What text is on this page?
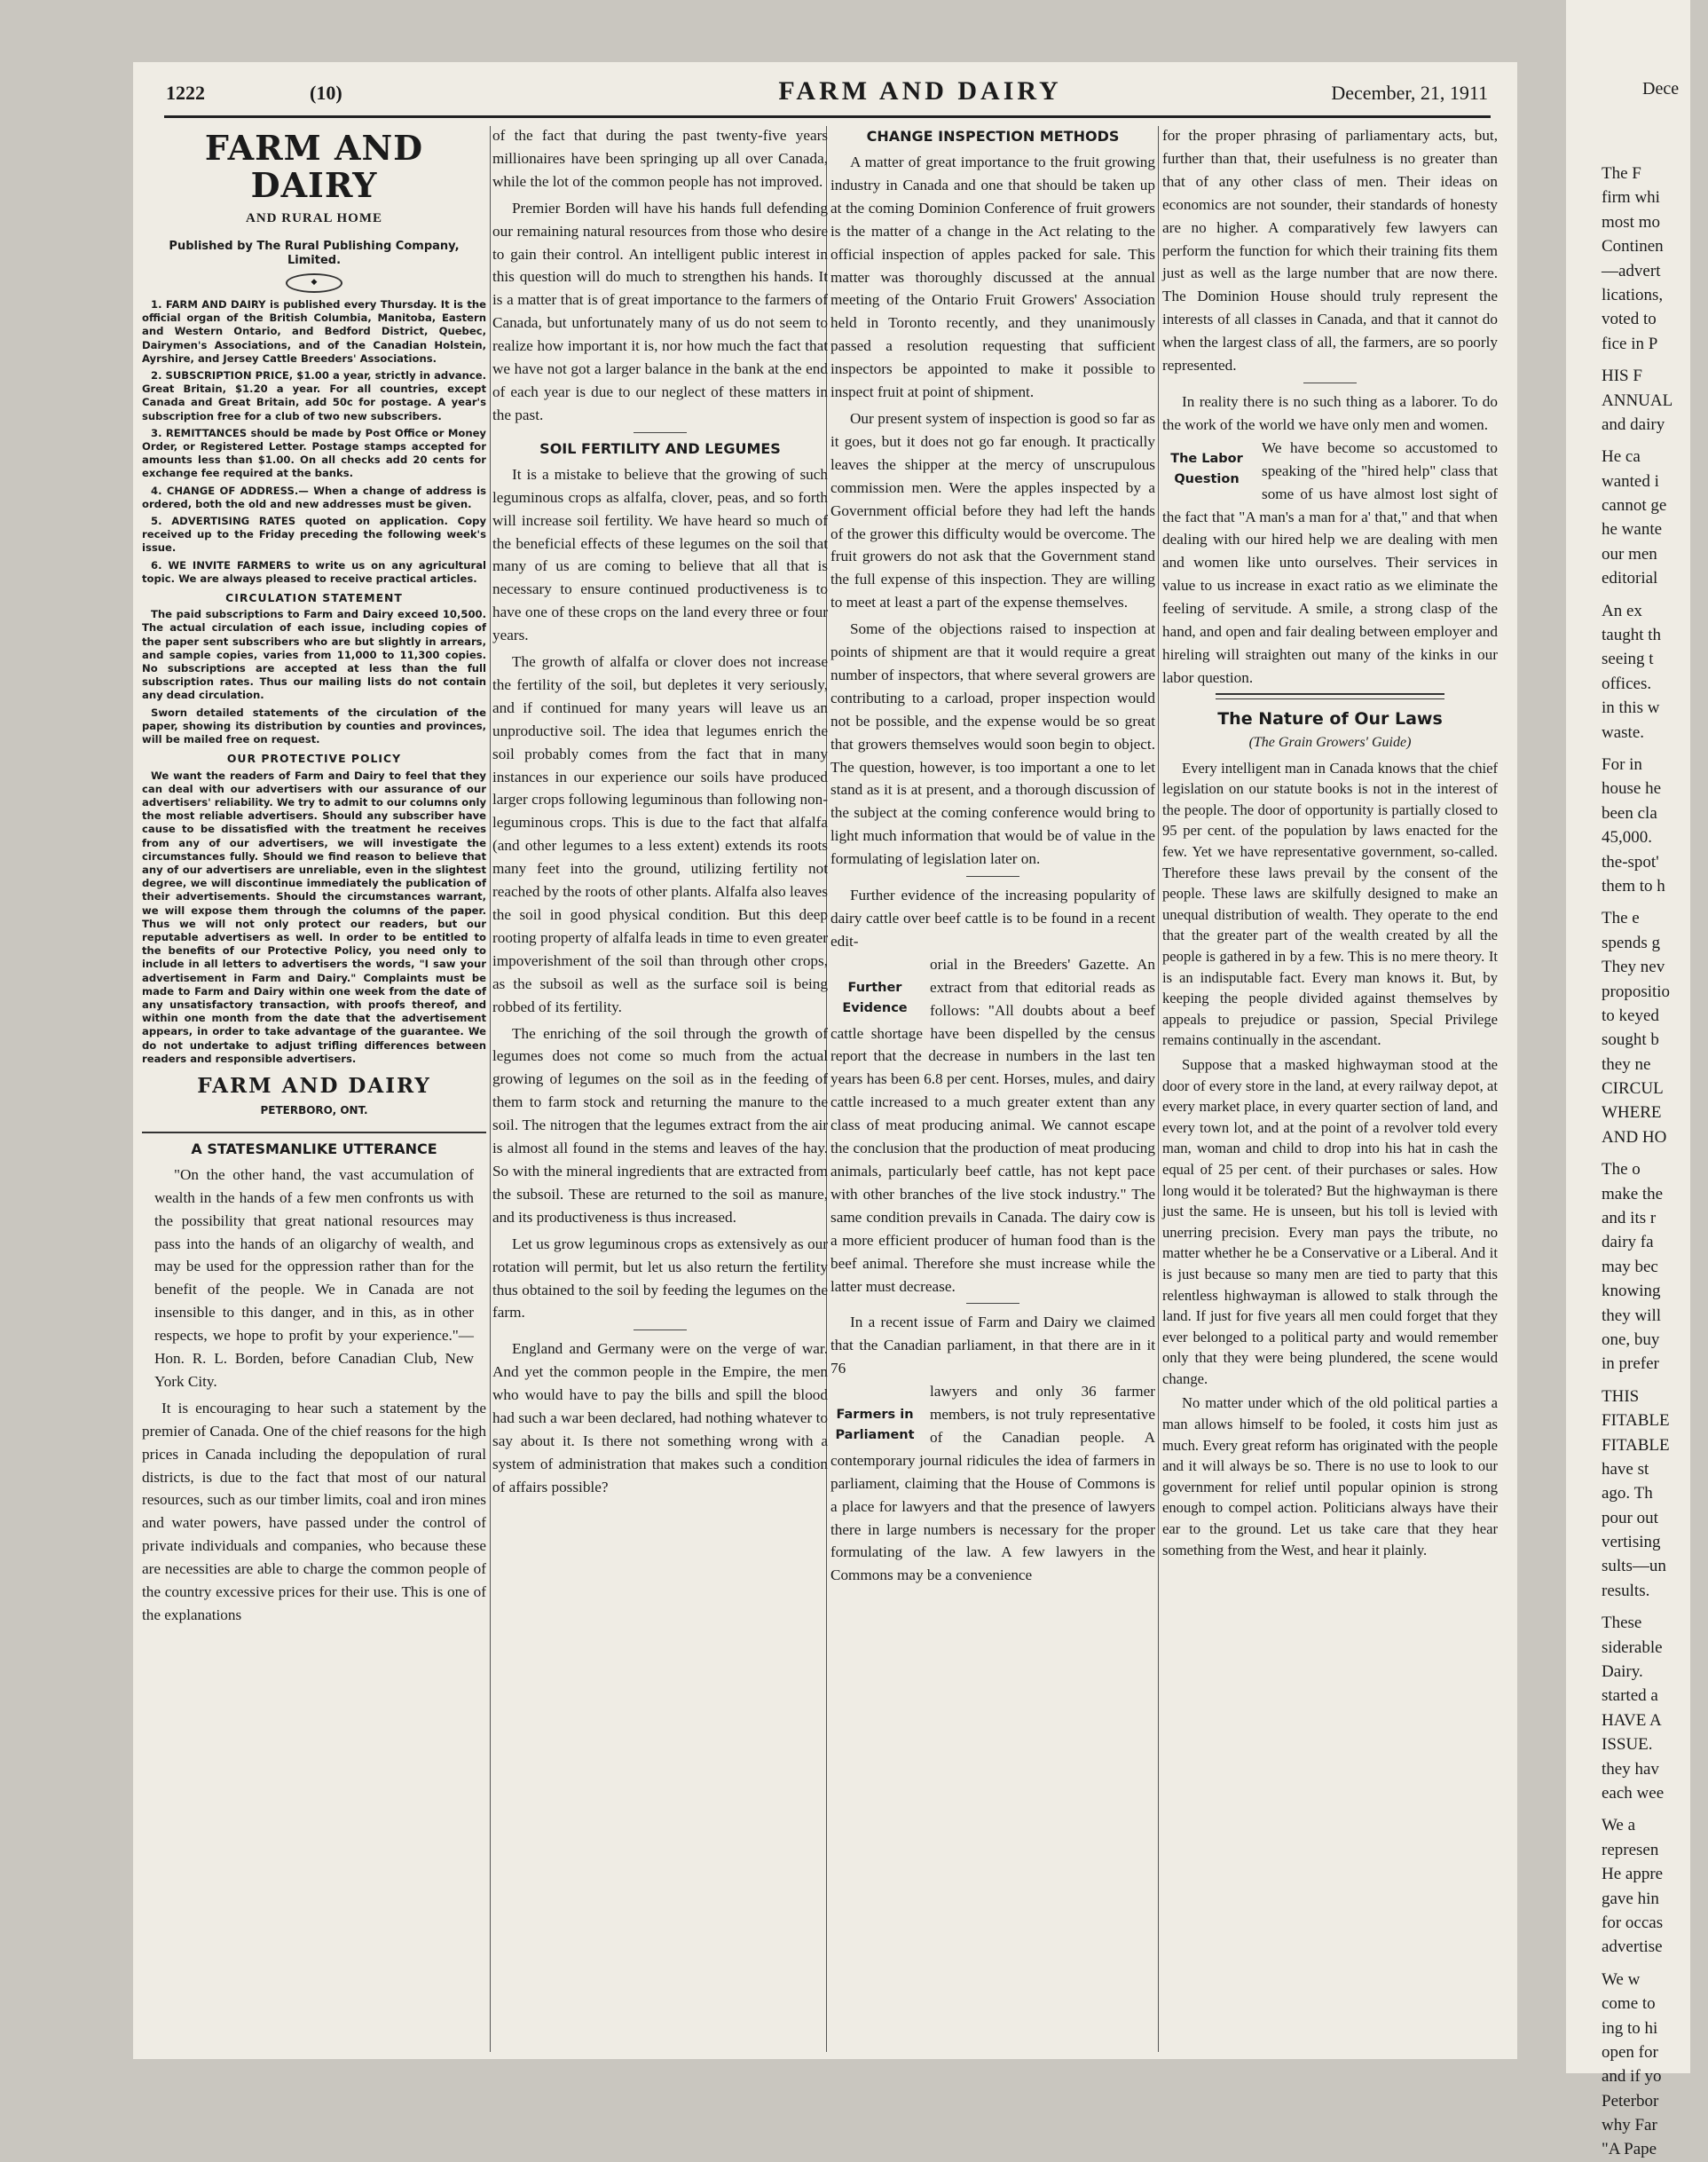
1222	(10)	FARM AND DAIRY	December, 21, 1911
FARM AND DAIRY
AND RURAL HOME
Published by The Rural Publishing Company, Limited.
◆

1. FARM AND DAIRY is published every Thursday. It is the official organ of the British Columbia, Manitoba, Eastern and Western Ontario, and Bedford District, Quebec, Dairymen's Associations, and of the Canadian Holstein, Ayrshire, and Jersey Cattle Breeders' Associations.

2. SUBSCRIPTION PRICE, $1.00 a year, strictly in advance. Great Britain, $1.20 a year. For all countries, except Canada and Great Britain, add 50c for postage. A year's subscription free for a club of two new subscribers.

3. REMITTANCES should be made by Post Office or Money Order, or Registered Letter. Postage stamps accepted for amounts less than $1.00. On all checks add 20 cents for exchange fee required at the banks.

4. CHANGE OF ADDRESS.— When a change of address is ordered, both the old and new addresses must be given.

5. ADVERTISING RATES quoted on application. Copy received up to the Friday preceding the following week's issue.

6. WE INVITE FARMERS to write us on any agricultural topic. We are always pleased to receive practical articles.

CIRCULATION STATEMENT

The paid subscriptions to Farm and Dairy exceed 10,500. The actual circulation of each issue, including copies of the paper sent subscribers who are but slightly in arrears, and sample copies, varies from 11,000 to 11,300 copies. No subscriptions are accepted at less than the full subscription rates. Thus our mailing lists do not contain any dead circulation.

Sworn detailed statements of the circulation of the paper, showing its distribution by counties and provinces, will be mailed free on request.

OUR PROTECTIVE POLICY

We want the readers of Farm and Dairy to feel that they can deal with our advertisers with our assurance of our advertisers' reliability. We try to admit to our columns only the most reliable advertisers. Should any subscriber have cause to be dissatisfied with the treatment he receives from any of our advertisers, we will investigate the circumstances fully. Should we find reason to believe that any of our advertisers are unreliable, even in the slightest degree, we will discontinue immediately the publication of their advertisements. Should the circumstances warrant, we will expose them through the columns of the paper. Thus we will not only protect our readers, but our reputable advertisers as well. In order to be entitled to the benefits of our Protective Policy, you need only to include in all letters to advertisers the words, "I saw your advertisement in Farm and Dairy." Complaints must be made to Farm and Dairy within one week from the date of any unsatisfactory transaction, with proofs thereof, and within one month from the date that the advertisement appears, in order to take advantage of the guarantee. We do not undertake to adjust trifling differences between readers and responsible advertisers.

FARM AND DAIRY
PETERBORO, ONT.
A STATESMANLIKE UTTERANCE

"On the other hand, the vast accumulation of wealth in the hands of a few men confronts us with the possibility that great national resources may pass into the hands of an oligarchy of wealth, and may be used for the oppression rather than for the benefit of the people. We in Canada are not insensible to this danger, and in this, as in other respects, we hope to profit by your experience."—Hon. R. L. Borden, before Canadian Club, New York City.

It is encouraging to hear such a statement by the premier of Canada. One of the chief reasons for the high prices in Canada including the depopulation of rural districts, is due to the fact that most of our natural resources, such as our timber limits, coal and iron mines and water powers, have passed under the control of private individuals and companies, who because these are necessities are able to charge the common people of the country excessive prices for their use. This is one of the explanations

of the fact that during the past twenty-five years millionaires have been springing up all over Canada, while the lot of the common people has not improved.

Premier Borden will have his hands full defending our remaining natural resources from those who desire to gain their control. An intelligent public interest in this question will do much to strengthen his hands. It is a matter that is of great importance to the farmers of Canada, but unfortunately many of us do not seem to realize how important it is, nor how much the fact that we have not got a larger balance in the bank at the end of each year is due to our neglect of these matters in the past.

SOIL FERTILITY AND LEGUMES

It is a mistake to believe that the growing of such leguminous crops as alfalfa, clover, peas, and so forth will increase soil fertility. We have heard so much of the beneficial effects of these legumes on the soil that many of us are coming to believe that all that is necessary to ensure continued productiveness is to have one of these crops on the land every three or four years.

The growth of alfalfa or clover does not increase the fertility of the soil, but depletes it very seriously, and if continued for many years will leave us an unproductive soil. The idea that legumes enrich the soil probably comes from the fact that in many instances in our experience our soils have produced larger crops following leguminous than following non-leguminous crops. This is due to the fact that alfalfa (and other legumes to a less extent) extends its roots many feet into the ground, utilizing fertility not reached by the roots of other plants. Alfalfa also leaves the soil in good physical condition. But this deep rooting property of alfalfa leads in time to even greater impoverishment of the soil than through other crops, as the subsoil as well as the surface soil is being robbed of its fertility.

The enriching of the soil through the growth of legumes does not come so much from the actual growing of legumes on the soil as in the feeding of them to farm stock and returning the manure to the soil. The nitrogen that the legumes extract from the air is almost all found in the stems and leaves of the hay. So with the mineral ingredients that are extracted from the subsoil. These are returned to the soil as manure, and its productiveness is thus increased.

Let us grow leguminous crops as extensively as our rotation will permit, but let us also return the fertility thus obtained to the soil by feeding the legumes on the farm.

England and Germany were on the verge of war. And yet the common people in the Empire, the men who would have to pay the bills and spill the blood had such a war been declared, had nothing whatever to say about it. Is there not something wrong with a system of administration that makes such a condition of affairs possible?

CHANGE INSPECTION METHODS

A matter of great importance to the fruit growing industry in Canada and one that should be taken up at the coming Dominion Conference of fruit growers is the matter of a change in the Act relating to the official inspection of apples packed for sale. This matter was thoroughly discussed at the annual meeting of the Ontario Fruit Growers' Association held in Toronto recently, and they unanimously passed a resolution requesting that sufficient inspectors be appointed to make it possible to inspect fruit at point of shipment.

Our present system of inspection is good so far as it goes, but it does not go far enough. It practically leaves the shipper at the mercy of unscrupulous commission men. Were the apples inspected by a Government official before they had left the hands of the grower this difficulty would be overcome. The fruit growers do not ask that the Government stand the full expense of this inspection. They are willing to meet at least a part of the expense themselves.

Some of the objections raised to inspection at points of shipment are that it would require a great number of inspectors, that where several growers are contributing to a carload, proper inspection would not be possible, and the expense would be so great that growers themselves would soon begin to object. The question, however, is too important a one to let stand as it is at present, and a thorough discussion of the subject at the coming conference would bring to light much information that would be of value in the formulating of legislation later on.

Further evidence of the increasing popularity of dairy cattle over beef cattle is to be found in a recent edit-

Further Evidence

orial in the Breeders' Gazette. An extract from that editorial reads as follows: "All doubts about a beef cattle shortage have been dispelled by the census report that the decrease in numbers in the last ten years has been 6.8 per cent. Horses, mules, and dairy cattle increased to a much greater extent than any class of meat producing animal. We cannot escape the conclusion that the production of meat producing animals, particularly beef cattle, has not kept pace with other branches of the live stock industry." The same condition prevails in Canada. The dairy cow is a more efficient producer of human food than is the beef animal. Therefore she must increase while the latter must decrease.

In a recent issue of Farm and Dairy we claimed that the Canadian parliament, in that there are in it 76

Farmers in Parliament

lawyers and only 36 farmer members, is not truly representative of the Canadian people. A contemporary journal ridicules the idea of farmers in parliament, claiming that the House of Commons is a place for lawyers and that the presence of lawyers there in large numbers is necessary for the proper formulating of the law. A few lawyers in the Commons may be a convenience

for the proper phrasing of parliamentary acts, but, further than that, their usefulness is no greater than that of any other class of men. Their ideas on economics are not sounder, their standards of honesty are no higher. A comparatively few lawyers can perform the function for which their training fits them just as well as the large number that are now there. The Dominion House should truly represent the interests of all classes in Canada, and that it cannot do when the largest class of all, the farmers, are so poorly represented.

In reality there is no such thing as a laborer. To do the work of the world we have only men and women.

The Labor Question

We have become so accustomed to speaking of the "hired help" class that some of us have almost lost sight of the fact that "A man's a man for a' that," and that when dealing with our hired help we are dealing with men and women like unto ourselves. Their services in value to us increase in exact ratio as we eliminate the feeling of servitude. A smile, a strong clasp of the hand, and open and fair dealing between employer and hireling will straighten out many of the kinks in our labor question.

The Nature of Our Laws
(The Grain Growers' Guide)

Every intelligent man in Canada knows that the chief legislation on our statute books is not in the interest of the people. The door of opportunity is partially closed to 95 per cent. of the population by laws enacted for the few. Yet we have representative government, so-called. Therefore these laws prevail by the consent of the people. These laws are skilfully designed to make an unequal distribution of wealth. They operate to the end that the greater part of the wealth created by all the people is gathered in by a few. This is no mere theory. It is an indisputable fact. Every man knows it. But, by keeping the people divided against themselves by appeals to prejudice or passion, Special Privilege remains continually in the ascendant.

Suppose that a masked highwayman stood at the door of every store in the land, at every railway depot, at every market place, in every quarter section of land, and every town lot, and at the point of a revolver told every man, woman and child to drop into his hat in cash the equal of 25 per cent. of their purchases or sales. How long would it be tolerated? But the highwayman is there just the same. He is unseen, but his toll is levied with unerring precision. Every man pays the tribute, no matter whether he be a Conservative or a Liberal. And it is just because so many men are tied to party that this relentless highwayman is allowed to stalk through the land. If just for five years all men could forget that they ever belonged to a political party and would remember only that they were being plundered, the scene would change.

No matter under which of the old political parties a man allows himself to be fooled, it costs him just as much. Every great reform has originated with the people and it will always be so. There is no use to look to our government for relief until popular opinion is strong enough to compel action. Politicians always have their ear to the ground. Let us take care that they hear something from the West, and hear it plainly.

Dece
The F
firm whi
most mo
Continen
—advert
lications,
voted to
fice in P
HIS F
ANNUAL
and dairy
He ca
wanted i
cannot ge
he wante
our men
editorial
An ex
taught th
seeing t
offices.
in this w
waste.
For in
house he
been cla
45,000.
the-spot'
them to h
The e
spends g
They nev
propositio
to keyed
sought b
they ne
CIRCUL
WHERE
AND HO
The o
make the
and its r
dairy fa
may bec
knowing
they will
one, buy
in prefer
THIS
FITABLE
FITABLE
have st
ago. Th
pour out
vertising
sults—un
results.
These
siderable
Dairy.
started a
HAVE A
ISSUE.
they hav
each wee
We a
represen
He appre
gave hin
for occas
advertise
We w
come to
ing to hi
open for
and if yo
Peterbor
why Far
"A Pape
